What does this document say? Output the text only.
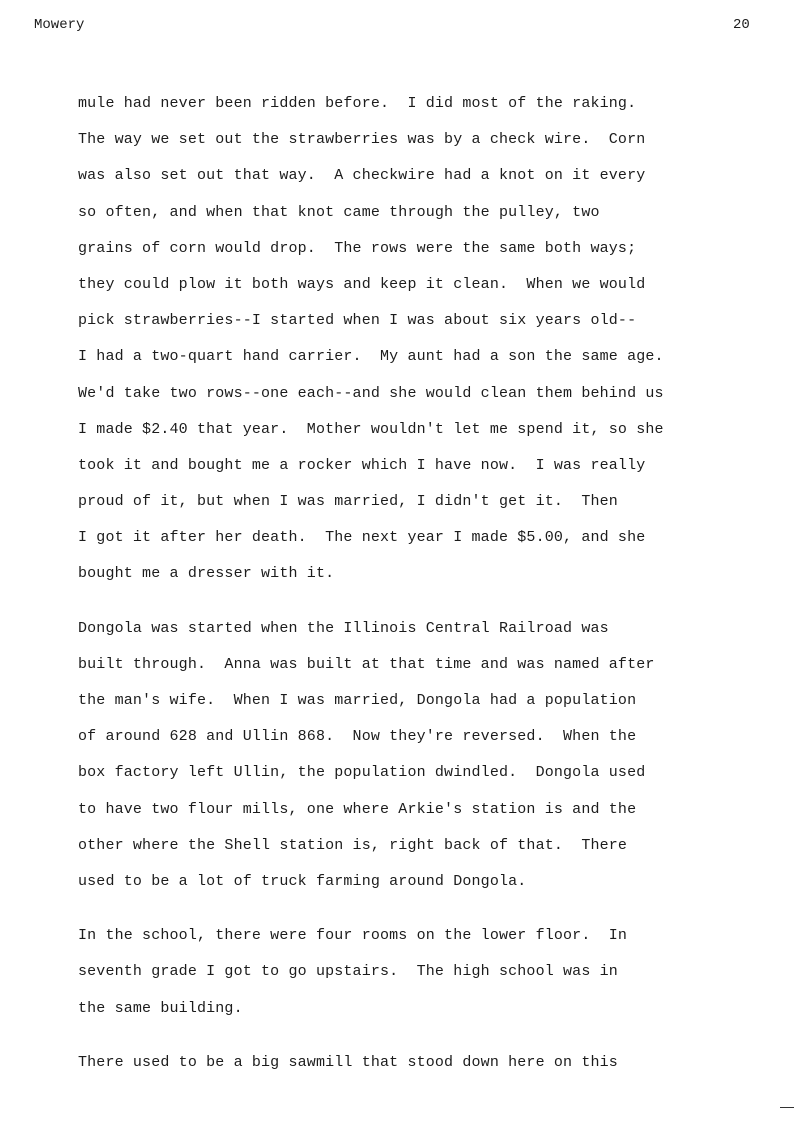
Mowery	20

mule had never been ridden before.  I did most of the raking.
The way we set out the strawberries was by a check wire.  Corn
was also set out that way.  A checkwire had a knot on it every
so often, and when that knot came through the pulley, two
grains of corn would drop.  The rows were the same both ways;
they could plow it both ways and keep it clean.  When we would
pick strawberries--I started when I was about six years old--
I had a two-quart hand carrier.  My aunt had a son the same age.
We'd take two rows--one each--and she would clean them behind us
I made $2.40 that year.  Mother wouldn't let me spend it, so she
took it and bought me a rocker which I have now.  I was really
proud of it, but when I was married, I didn't get it.  Then
I got it after her death.  The next year I made $5.00, and she
bought me a dresser with it.

Dongola was started when the Illinois Central Railroad was
built through.  Anna was built at that time and was named after
the man's wife.  When I was married, Dongola had a population
of around 628 and Ullin 868.  Now they're reversed.  When the
box factory left Ullin, the population dwindled.  Dongola used
to have two flour mills, one where Arkie's station is and the
other where the Shell station is, right back of that.  There
used to be a lot of truck farming around Dongola.

In the school, there were four rooms on the lower floor.  In
seventh grade I got to go upstairs.  The high school was in
the same building.

There used to be a big sawmill that stood down here on this
